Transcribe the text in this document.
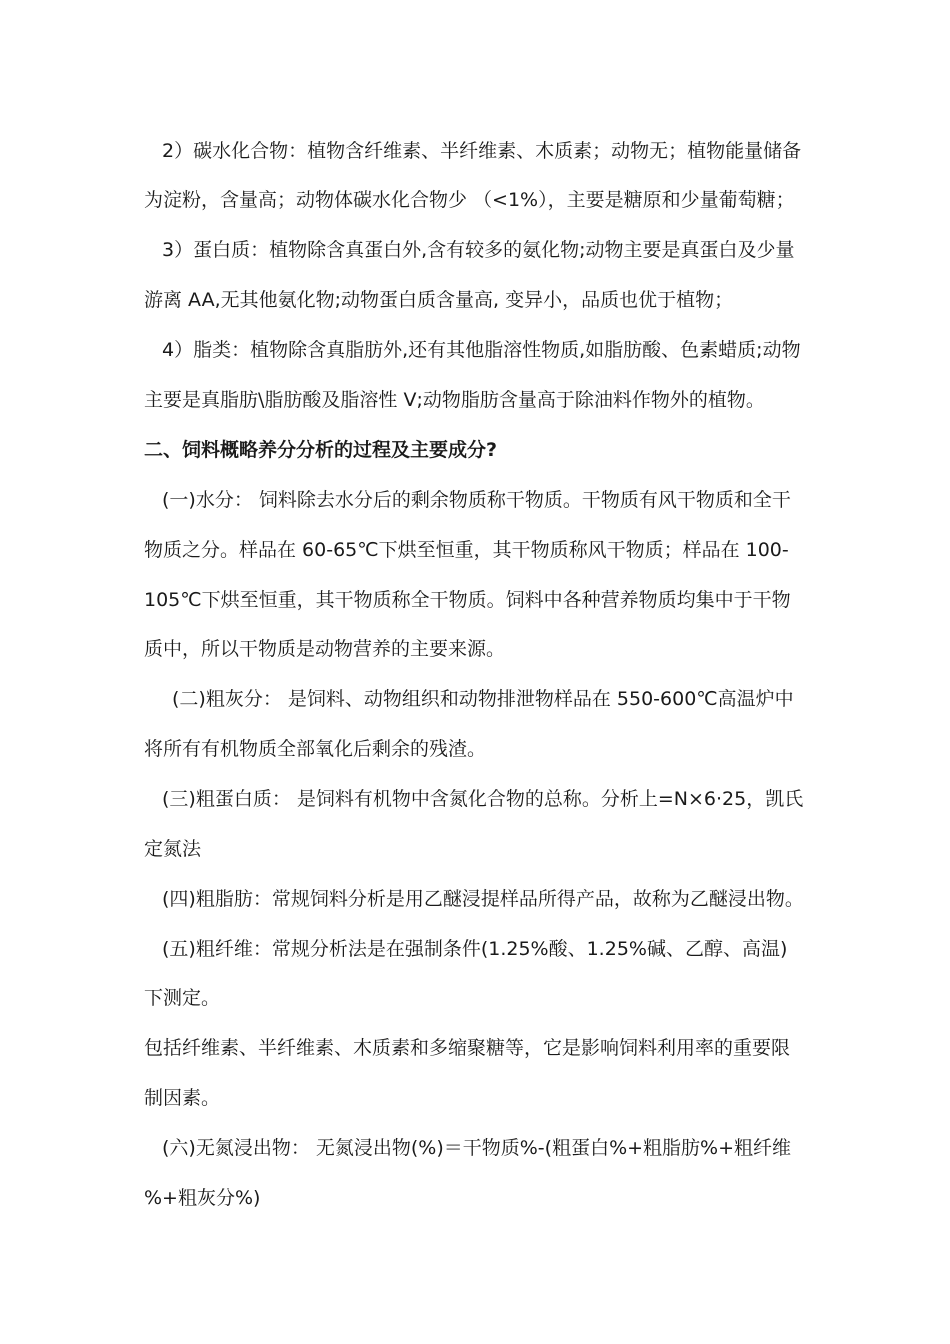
2）碳水化合物：植物含纤维素、半纤维素、木质素；动物无；植物能量储备
为淀粉，含量高；动物体碳水化合物少 （<1%），主要是糖原和少量葡萄糖；
3）蛋白质：植物除含真蛋白外,含有较多的氨化物;动物主要是真蛋白及少量
游离 AA,无其他氨化物;动物蛋白质含量高, 变异小，品质也优于植物；
4）脂类：植物除含真脂肪外,还有其他脂溶性物质,如脂肪酸、色素蜡质;动物
主要是真脂肪\脂肪酸及脂溶性 V;动物脂肪含量高于除油料作物外的植物。
二、饲料概略养分分析的过程及主要成分?
(一)水分： 饲料除去水分后的剩余物质称干物质。干物质有风干物质和全干
物质之分。样品在 60-65℃下烘至恒重，其干物质称风干物质；样品在 100-
105℃下烘至恒重，其干物质称全干物质。饲料中各种营养物质均集中于干物
质中，所以干物质是动物营养的主要来源。
(二)粗灰分： 是饲料、动物组织和动物排泄物样品在 550-600℃高温炉中
将所有有机物质全部氧化后剩余的残渣。
(三)粗蛋白质： 是饲料有机物中含氮化合物的总称。分析上=N×6·25，凯氏
定氮法
(四)粗脂肪：常规饲料分析是用乙醚浸提样品所得产品，故称为乙醚浸出物。
(五)粗纤维：常规分析法是在强制条件(1.25%酸、1.25%碱、乙醇、高温)
下测定。
包括纤维素、半纤维素、木质素和多缩聚糖等，它是影响饲料利用率的重要限
制因素。
(六)无氮浸出物： 无氮浸出物(%)＝干物质%-(粗蛋白%+粗脂肪%+粗纤维
%+粗灰分%)
